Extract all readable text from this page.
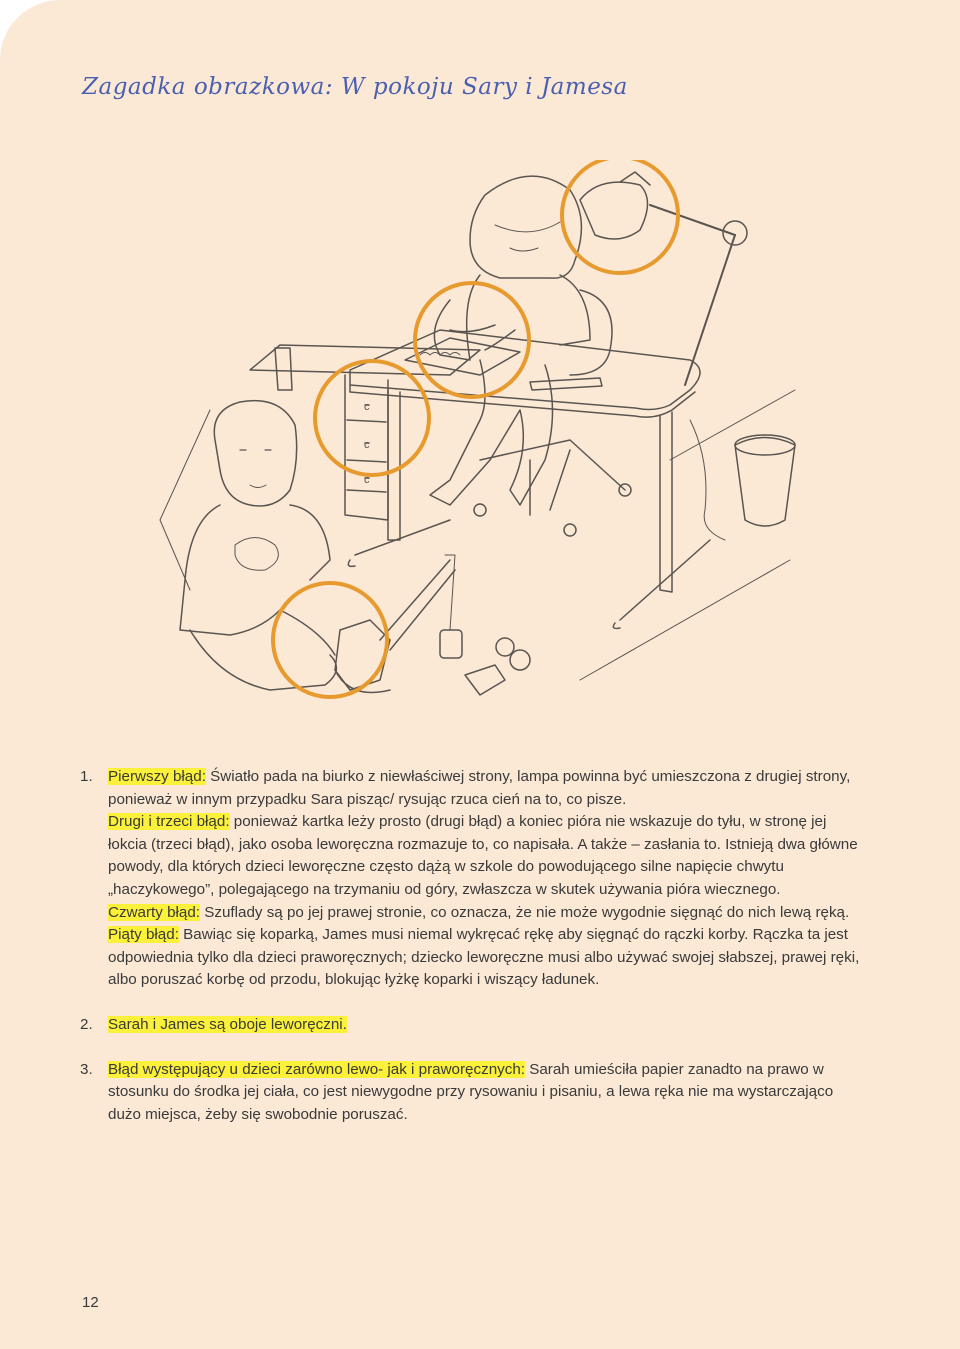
Zagadka obrazkowa: W pokoju Sary i Jamesa
c
c
c
1. Pierwszy błąd: Światło pada na biurko z niewłaściwej strony, lampa powinna być umieszczona z drugiej strony, ponieważ w innym przypadku Sara pisząc/ rysując rzuca cień na to, co pisze.

Drugi i trzeci błąd: ponieważ kartka leży prosto (drugi błąd) a koniec pióra nie wskazuje do tyłu, w stronę jej łokcia (trzeci błąd), jako osoba leworęczna rozmazuje to, co napisała. A także – zasłania to. Istnieją dwa główne powody, dla których dzieci leworęczne często dążą w szkole do powodującego silne napięcie chwytu „haczykowego”, polegającego na trzymaniu od góry, zwłaszcza w skutek używania pióra wiecznego.

Czwarty błąd: Szuflady są po jej prawej stronie, co oznacza, że nie może wygodnie sięgnąć do nich lewą ręką.

Piąty błąd: Bawiąc się koparką, James musi niemal wykręcać rękę aby sięgnąć do rączki korby. Rączka ta jest odpowiednia tylko dla dzieci praworęcznych; dziecko leworęczne musi albo używać swojej słabszej, prawej ręki, albo poruszać korbę od przodu, blokując łyżkę koparki i wiszący ładunek.

2. Sarah i James są oboje leworęczni.

3. Błąd występujący u dzieci zarówno lewo- jak i praworęcznych: Sarah umieściła papier zanadto na prawo w stosunku do środka jej ciała, co jest niewygodne przy rysowaniu i pisaniu, a lewa ręka nie ma wystarczająco dużo miejsca, żeby się swobodnie poruszać.

12
